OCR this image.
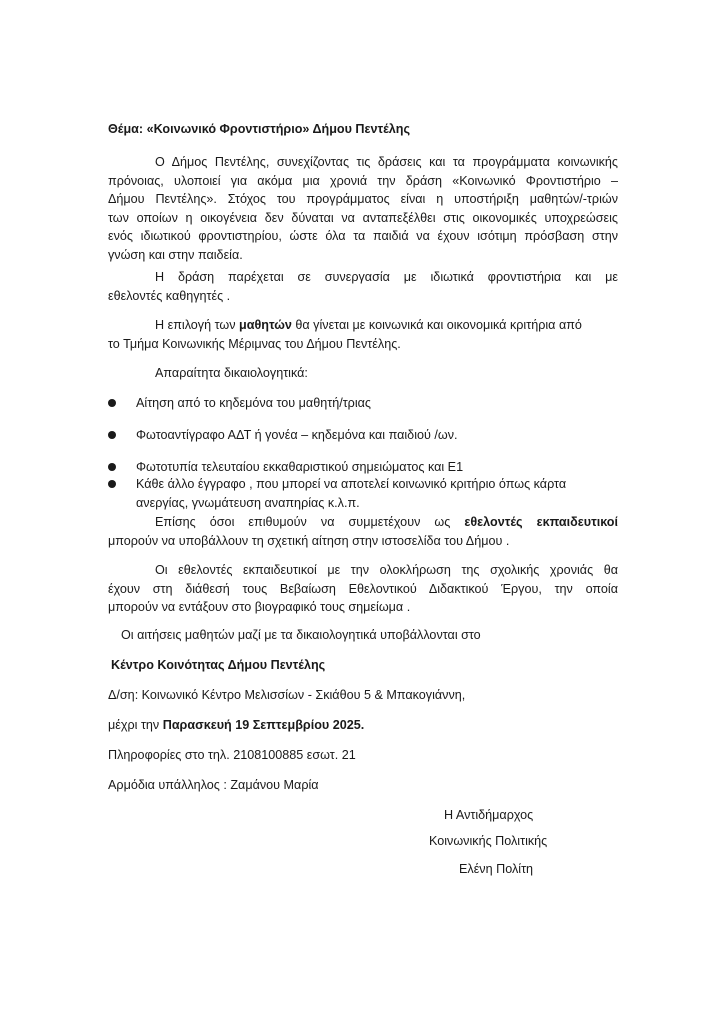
Θέμα: «Κοινωνικό Φροντιστήριο» Δήμου Πεντέλης
Ο Δήμος Πεντέλης, συνεχίζοντας τις δράσεις και τα προγράμματα κοινωνικής
πρόνοιας, υλοποιεί για ακόμα μια χρονιά την δράση «Κοινωνικό Φροντιστήριο –
Δήμου Πεντέλης». Στόχος του προγράμματος είναι η υποστήριξη μαθητών/-τριών
των οποίων η οικογένεια δεν δύναται να ανταπεξέλθει στις οικονομικές υποχρεώσεις
ενός ιδιωτικού φροντιστηρίου, ώστε όλα τα παιδιά να έχουν ισότιμη πρόσβαση στην
γνώση και στην παιδεία.
Η δράση παρέχεται σε συνεργασία με ιδιωτικά φροντιστήρια και με
εθελοντές καθηγητές .
Η επιλογή των μαθητών θα γίνεται με κοινωνικά και οικονομικά κριτήρια από
το Τμήμα Κοινωνικής Μέριμνας του Δήμου Πεντέλης.
Απαραίτητα δικαιολογητικά:
Αίτηση από το κηδεμόνα του μαθητή/τριας
Φωτοαντίγραφο ΑΔΤ ή γονέα – κηδεμόνα και παιδιού /ων.
Φωτοτυπία τελευταίου εκκαθαριστικού σημειώματος και Ε1
Κάθε άλλο έγγραφο , που μπορεί να αποτελεί κοινωνικό κριτήριο όπως κάρτα
ανεργίας, γνωμάτευση αναπηρίας κ.λ.π.
Επίσης όσοι επιθυμούν να συμμετέχουν ως εθελοντές εκπαιδευτικοί
μπορούν να υποβάλλουν τη σχετική αίτηση στην ιστοσελίδα του Δήμου .
Οι εθελοντές εκπαιδευτικοί με την ολοκλήρωση της σχολικής χρονιάς θα
έχουν στη διάθεσή τους Βεβαίωση Εθελοντικού Διδακτικού Έργου, την οποία
μπορούν να εντάξουν στο βιογραφικό τους σημείωμα .
Οι αιτήσεις μαθητών μαζί με τα δικαιολογητικά υποβάλλονται στο
Κέντρο Κοινότητας Δήμου Πεντέλης
Δ/ση: Κοινωνικό Κέντρο Μελισσίων - Σκιάθου 5 & Μπακογιάννη,
μέχρι την Παρασκευή 19 Σεπτεμβρίου 2025.
Πληροφορίες στο τηλ. 2108100885 εσωτ. 21
Αρμόδια υπάλληλος : Ζαμάνου Μαρία
Η Αντιδήμαρχος
Κοινωνικής Πολιτικής
Ελένη Πολίτη
